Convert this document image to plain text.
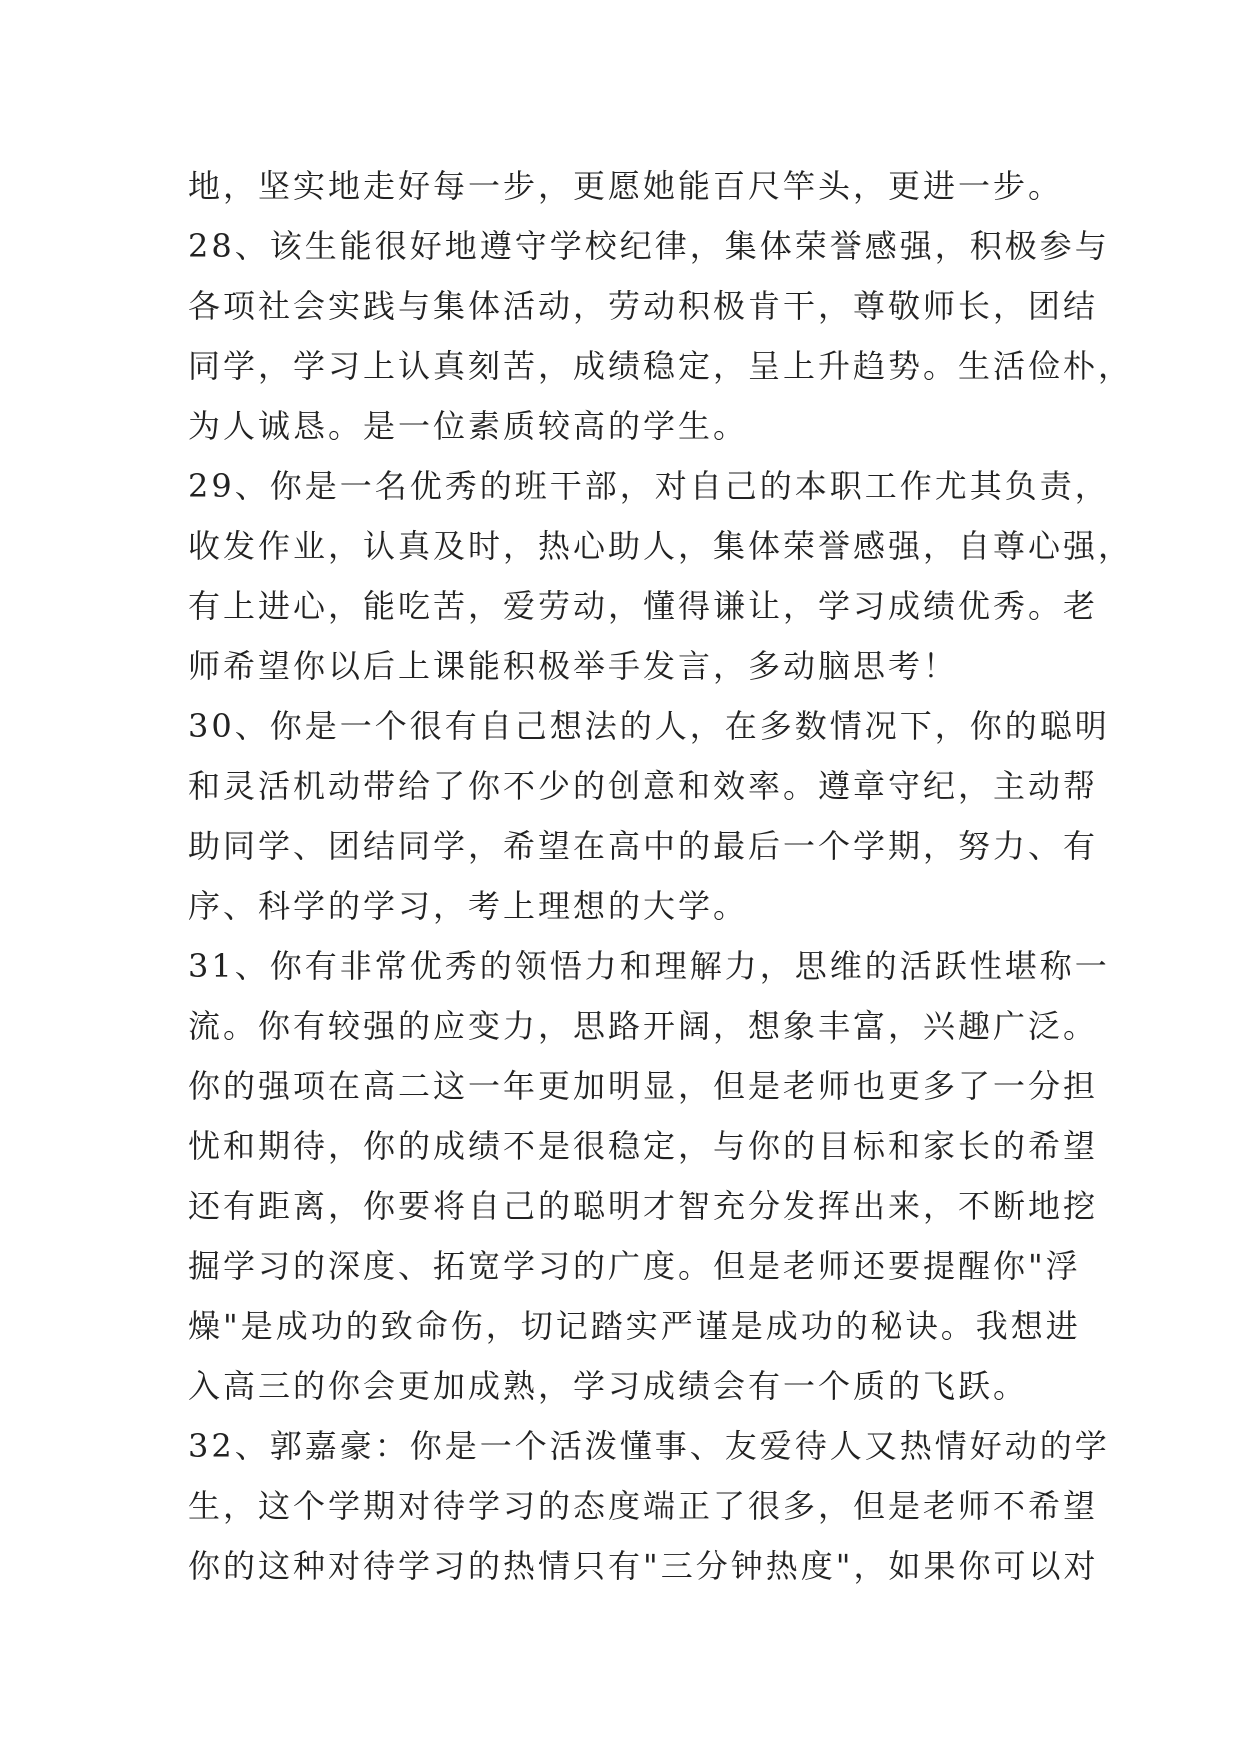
地，坚实地走好每一步，更愿她能百尺竿头，更进一步。
28、该生能很好地遵守学校纪律，集体荣誉感强，积极参与
各项社会实践与集体活动，劳动积极肯干，尊敬师长，团结
同学，学习上认真刻苦，成绩稳定，呈上升趋势。生活俭朴，
为人诚恳。是一位素质较高的学生。
29、你是一名优秀的班干部，对自己的本职工作尤其负责，
收发作业，认真及时，热心助人，集体荣誉感强，自尊心强，
有上进心，能吃苦，爱劳动，懂得谦让，学习成绩优秀。老
师希望你以后上课能积极举手发言，多动脑思考！
30、你是一个很有自己想法的人，在多数情况下，你的聪明
和灵活机动带给了你不少的创意和效率。遵章守纪，主动帮
助同学、团结同学，希望在高中的最后一个学期，努力、有
序、科学的学习，考上理想的大学。
31、你有非常优秀的领悟力和理解力，思维的活跃性堪称一
流。你有较强的应变力，思路开阔，想象丰富，兴趣广泛。
你的强项在高二这一年更加明显，但是老师也更多了一分担
忧和期待，你的成绩不是很稳定，与你的目标和家长的希望
还有距离，你要将自己的聪明才智充分发挥出来，不断地挖
掘学习的深度、拓宽学习的广度。但是老师还要提醒你"浮
燥"是成功的致命伤，切记踏实严谨是成功的秘诀。我想进
入高三的你会更加成熟，学习成绩会有一个质的飞跃。
32、郭嘉豪：你是一个活泼懂事、友爱待人又热情好动的学
生，这个学期对待学习的态度端正了很多，但是老师不希望
你的这种对待学习的热情只有"三分钟热度"，如果你可以对
